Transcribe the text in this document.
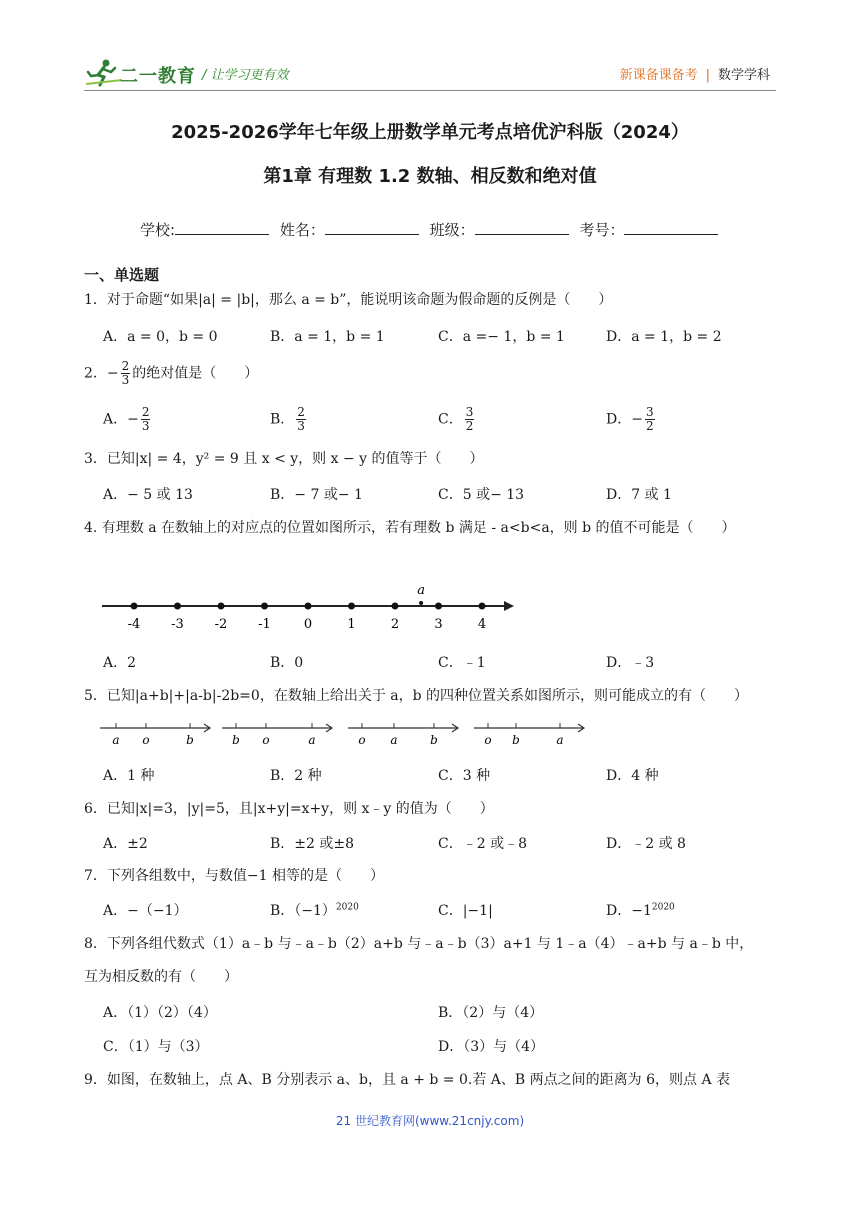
二一教育 / 让学习更有效	新课备课备考 | 数学学科
2025-2026学年七年级上册数学单元考点培优沪科版（2024）
第1章 有理数 1.2 数轴、相反数和绝对值
学校:	姓名：	班级：	考号：
一、单选题
1．对于命题“如果|a| = |b|，那么 a = b”，能说明该命题为假命题的反例是（　　）
A．a = 0，b = 0	B．a = 1，b = 1	C．a =− 1，b = 1	D．a = 1，b = 2
2．− $\frac{2}{3}$ 的绝对值是（　　）
A．− $\frac{2}{3}$	B． $\frac{2}{3}$	C． $\frac{3}{2}$	D．− $\frac{3}{2}$
3．已知|x| = 4，y² = 9 且 x < y，则 x − y 的值等于（　　）
A．− 5 或 13	B．− 7 或− 1	C．5 或− 13	D．7 或 1
4. 有理数 a 在数轴上的对应点的位置如图所示，若有理数 b 满足 ‑ a<b<a，则 b 的值不可能是（　　）
-4 -3 -2 -1	0	1	2	3	4
a
A．2	B．0	C．﹣1	D．﹣3
5．已知|a+b|+|a-b|-2b=0，在数轴上给出关于 a，b 的四种位置关系如图所示，则可能成立的有（　　）
a o	b	b o	a	o a	b	o b	a
A．1 种	B．2 种	C．3 种	D．4 种
6．已知|x|=3，|y|=5，且|x+y|=x+y，则 x﹣y 的值为（　　）
A．±2	B．±2 或±8	C．﹣2 或﹣8	D．﹣2 或 8
7．下列各组数中，与数值−1 相等的是（　　）
A．−（−1）	B．$(-1)^{2020}$	C．|−1|	D．$-1^{2020}$
8．下列各组代数式（1）a﹣b 与﹣a﹣b（2）a+b 与﹣a﹣b（3）a+1 与 1﹣a（4）﹣a+b 与 a﹣b 中，
互为相反数的有（　　）
A．（1）（2）（4）	B．（2）与（4）
C．（1）与（3）	D．（3）与（4）
9．如图，在数轴上，点 A、B 分别表示 a、b，且 a + b = 0.若 A、B 两点之间的距离为 6，则点 A 表
21 世纪教育网(www.21cnjy.com)
